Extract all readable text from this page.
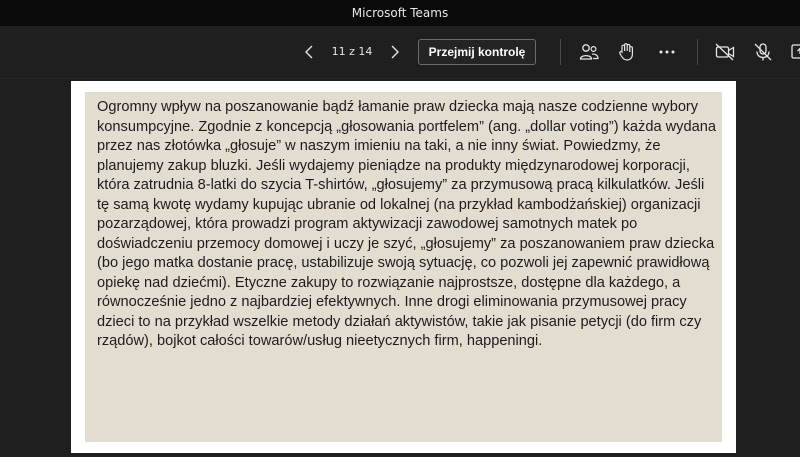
Microsoft Teams
11 z 14	Przejmij kontrolę

Ogromny wpływ na poszanowanie bądź łamanie praw dziecka mają nasze codzienne wybory konsumpcyjne. Zgodnie z koncepcją „głosowania portfelem” (ang. „dollar voting”) każda wydana przez nas złotówka „głosuje” w naszym imieniu na taki, a nie inny świat. Powiedzmy, że planujemy zakup bluzki. Jeśli wydajemy pieniądze na produkty międzynarodowej korporacji, która zatrudnia 8-latki do szycia T-shirtów, „głosujemy” za przymusową pracą kilkulatków. Jeśli tę samą kwotę wydamy kupując ubranie od lokalnej (na przykład kambodżańskiej) organizacji pozarządowej, która prowadzi program aktywizacji zawodowej samotnych matek po doświadczeniu przemocy domowej i uczy je szyć, „głosujemy” za poszanowaniem praw dziecka (bo jego matka dostanie pracę, ustabilizuje swoją sytuację, co pozwoli jej zapewnić prawidłową opiekę nad dziećmi). Etyczne zakupy to rozwiązanie najprostsze, dostępne dla każdego, a równocześnie jedno z najbardziej efektywnych. Inne drogi eliminowania przymusowej pracy dzieci to na przykład wszelkie metody działań aktywistów, takie jak pisanie petycji (do firm czy rządów), bojkot całości towarów/usług nieetycznych firm, happeningi.
